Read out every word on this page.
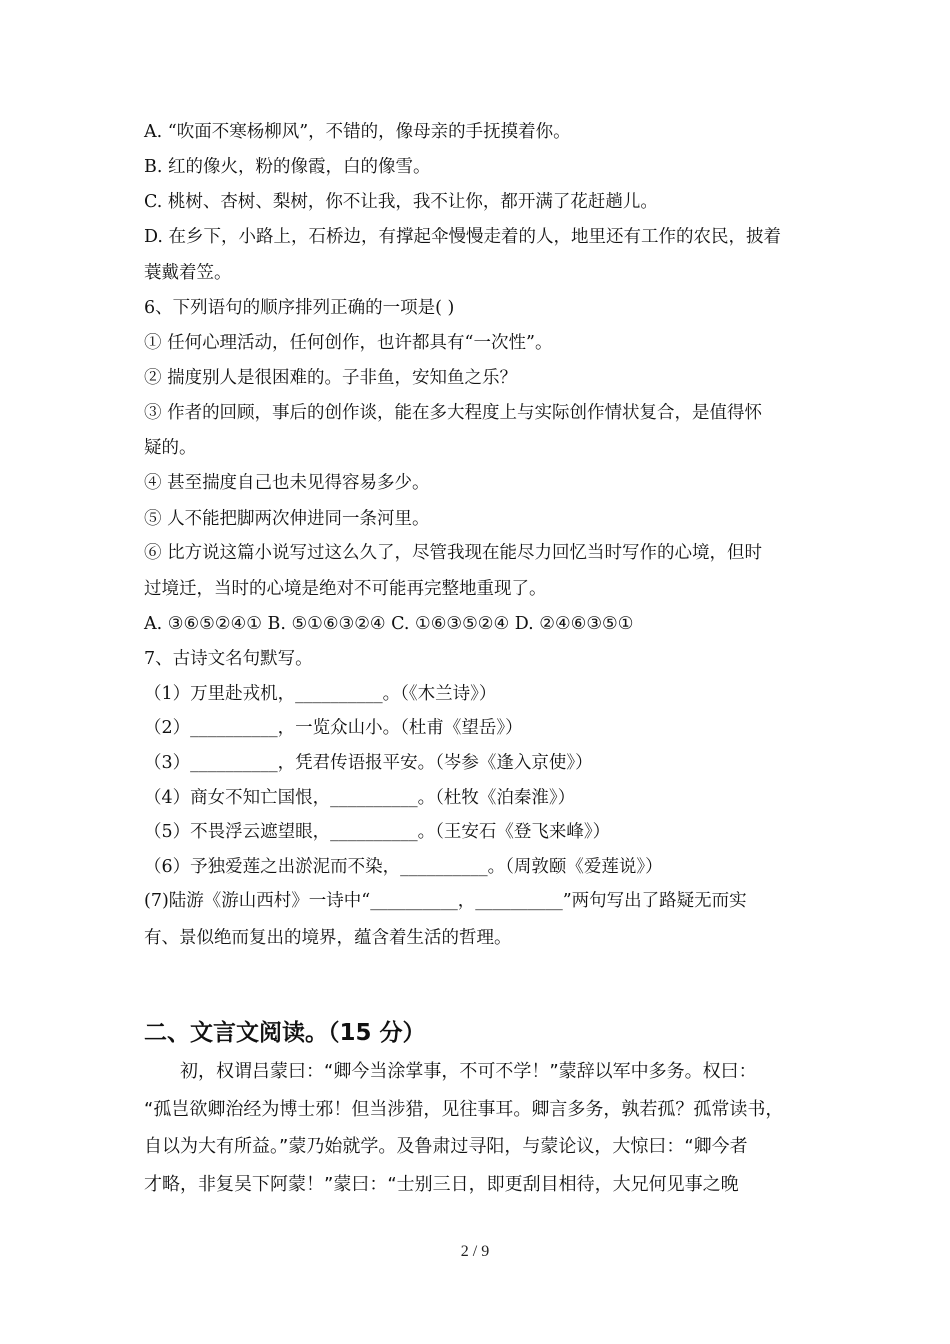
A. “吹面不寒杨柳风”，不错的，像母亲的手抚摸着你。
B. 红的像火，粉的像霞，白的像雪。
C. 桃树、杏树、梨树，你不让我，我不让你，都开满了花赶趟儿。
D. 在乡下，小路上，石桥边，有撑起伞慢慢走着的人，地里还有工作的农民，披着
蓑戴着笠。
6、下列语句的顺序排列正确的一项是( )
① 任何心理活动，任何创作，也许都具有“一次性”。
② 揣度别人是很困难的。子非鱼，安知鱼之乐？
③ 作者的回顾，事后的创作谈，能在多大程度上与实际创作情状复合，是值得怀
疑的。
④ 甚至揣度自己也未见得容易多少。
⑤ 人不能把脚两次伸进同一条河里。
⑥ 比方说这篇小说写过这么久了，尽管我现在能尽力回忆当时写作的心境，但时
过境迁，当时的心境是绝对不可能再完整地重现了。
A. ③⑥⑤②④① B. ⑤①⑥③②④ C. ①⑥③⑤②④ D. ②④⑥③⑤①
7、古诗文名句默写。
（1）万里赴戎机，__________。（《木兰诗》）
（2）__________，一览众山小。（杜甫《望岳》）
（3）__________，凭君传语报平安。（岑参《逢入京使》）
（4）商女不知亡国恨，__________。（杜牧《泊秦淮》）
（5）不畏浮云遮望眼，__________。（王安石《登飞来峰》）
（6）予独爱莲之出淤泥而不染，__________。（周敦颐《爱莲说》）
(7)陆游《游山西村》一诗中“__________，__________”两句写出了路疑无而实
有、景似绝而复出的境界，蕴含着生活的哲理。
二、文言文阅读。（15 分）
　　初，权谓吕蒙曰：“卿今当涂掌事，不可不学！”蒙辞以军中多务。权曰：
“孤岂欲卿治经为博士邪！但当涉猎，见往事耳。卿言多务，孰若孤？孤常读书，
自以为大有所益。”蒙乃始就学。及鲁肃过寻阳，与蒙论议，大惊曰：“卿今者
才略，非复吴下阿蒙！”蒙曰：“士别三日，即更刮目相待，大兄何见事之晚
2 / 9
